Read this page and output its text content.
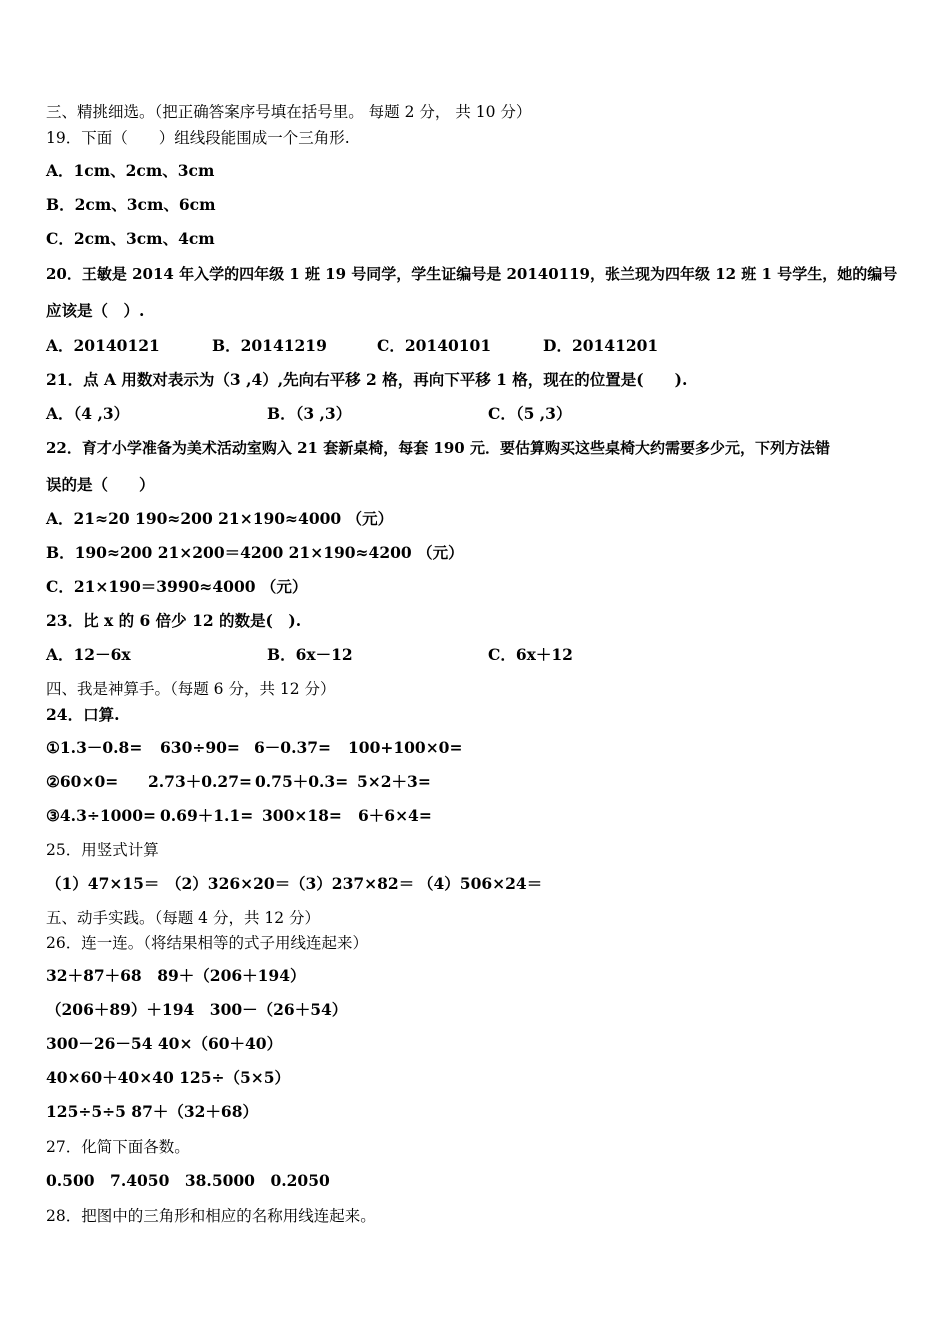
三、精挑细选。（把正确答案序号填在括号里。 每题 2 分， 共 10 分）
19．下面（　　）组线段能围成一个三角形.
A．1cm、2cm、3cm
B．2cm、3cm、6cm
C．2cm、3cm、4cm
20．王敏是 2014 年入学的四年级 1 班 19 号同学，学生证编号是 20140119，张兰现为四年级 12 班 1 号学生，她的编号
应该是（　）.
A．20140121	B．20141219	C．20140101	D．20141201
21．点 A 用数对表示为（3 ,4）,先向右平移 2 格，再向下平移 1 格，现在的位置是(　　).
A．（4 ,3）	B．（3 ,3）	C．（5 ,3）
22．育才小学准备为美术活动室购入 21 套新桌椅，每套 190 元．要估算购买这些桌椅大约需要多少元，下列方法错
误的是（　　）
A．21≈20 190≈200 21×190≈4000 （元）
B．190≈200 21×200＝4200 21×190≈4200 （元）
C．21×190＝3990≈4000 （元）
23．比 x 的 6 倍少 12 的数是(　).
A．12－6x	B．6x－12	C．6x＋12
四、我是神算手。（每题 6 分，共 12 分）
24．口算.
①1.3－0.8= 630÷90= 6－0.37= 100+100×0=
②60×0= 2.73＋0.27= 0.75＋0.3= 5×2＋3=
③4.3÷1000= 0.69＋1.1= 300×18= 6＋6×4=
25．用竖式计算
（1）47×15＝ （2）326×20＝（3）237×82＝ （4）506×24＝
五、动手实践。（每题 4 分，共 12 分）
26．连一连。（将结果相等的式子用线连起来）
32＋87＋68　89＋（206＋194）
（206＋89）＋194　300－（26＋54）
300－26－54 40×（60＋40）
40×60＋40×40 125÷（5×5）
125÷5÷5 87＋（32＋68）
27．化简下面各数。
0.500　7.4050　38.5000　0.2050
28．把图中的三角形和相应的名称用线连起来。
